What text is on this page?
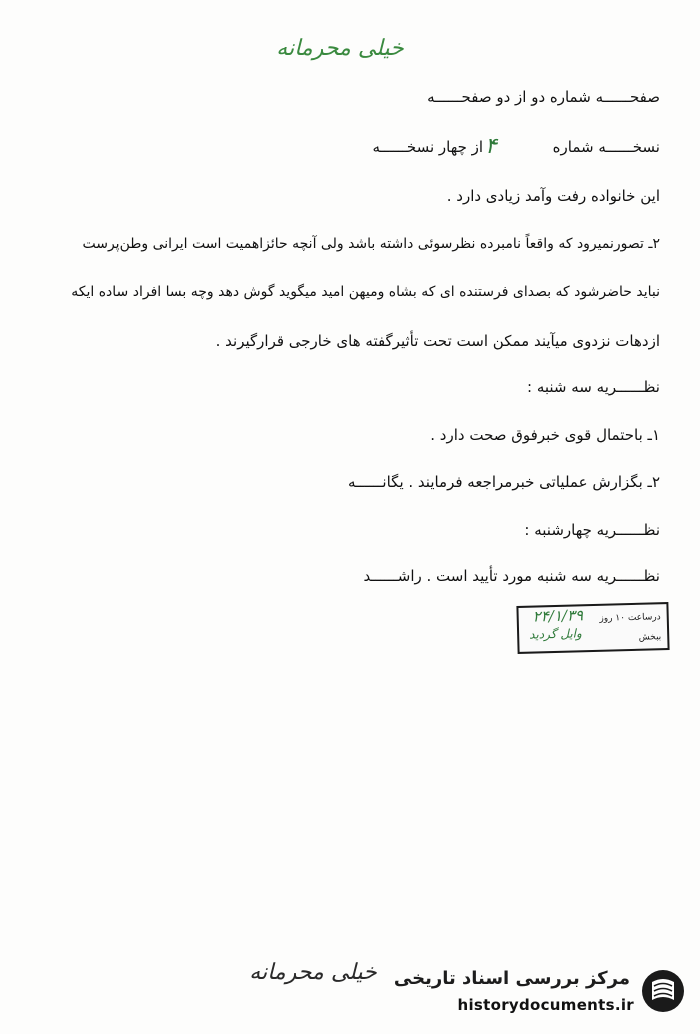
خیلی محرمانه
صفحــــــه شماره دو از دو صفحــــــه
نسخــــــه شماره  از چهار نسخــــــه ۴
این خانواده رفت وآمد زیادی دارد .
۲ـ تصورنمیرود که واقعاً نامبرده نظرسوئی داشته باشد ولی آنچه حائزاهمیت است ایرانی وطن‌پرست
نباید حاضرشود که بصدای فرستنده ای که بشاه ومیهن امید میگوید گوش دهد وچه بسا افراد ساده ایکه
ازدهات نزدوی میآیند ممکن است تحت تأثیرگفته های خارجی قرارگیرند .
نظــــــریه سه شنبه :
۱ـ باحتمال قوی خبرفوق صحت دارد .
۲ـ بگزارش عملیاتی خبرمراجعه فرمایند . یگانــــــه
نظــــــریه چهارشنبه :
نظــــــریه سه شنبه مورد تأیید است . راشــــــد
درساعت ۱۰ روز
ببخش
۲۴/۱/۳۹
وایل گردید
خیلی محرمانه مرکز بررسی اسناد تاریخی
historydocuments.ir
